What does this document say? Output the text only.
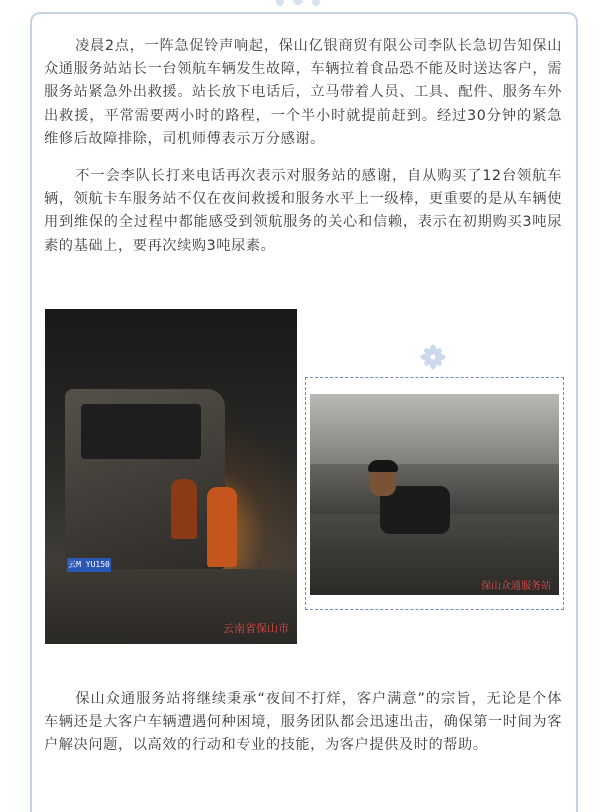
凌晨2点，一阵急促铃声响起，保山亿银商贸有限公司李队长急切告知保山众通服务站站长一台领航车辆发生故障，车辆拉着食品恐不能及时送达客户，需服务站紧急外出救援。站长放下电话后，立马带着人员、工具、配件、服务车外出救援，平常需要两小时的路程，一个半小时就提前赶到。经过30分钟的紧急维修后故障排除，司机师傅表示万分感谢。

不一会李队长打来电话再次表示对服务站的感谢，自从购买了12台领航车辆，领航卡车服务站不仅在夜间救援和服务水平上一级棒，更重要的是从车辆使用到维保的全过程中都能感受到领航服务的关心和信赖，表示在初期购买3吨尿素的基础上，要再次续购3吨尿素。

云M YU150
云南省保山市
保山众通服务站

保山众通服务站将继续秉承“夜间不打烊，客户满意”的宗旨，无论是个体车辆还是大客户车辆遭遇何种困境，服务团队都会迅速出击，确保第一时间为客户解决问题，以高效的行动和专业的技能，为客户提供及时的帮助。
